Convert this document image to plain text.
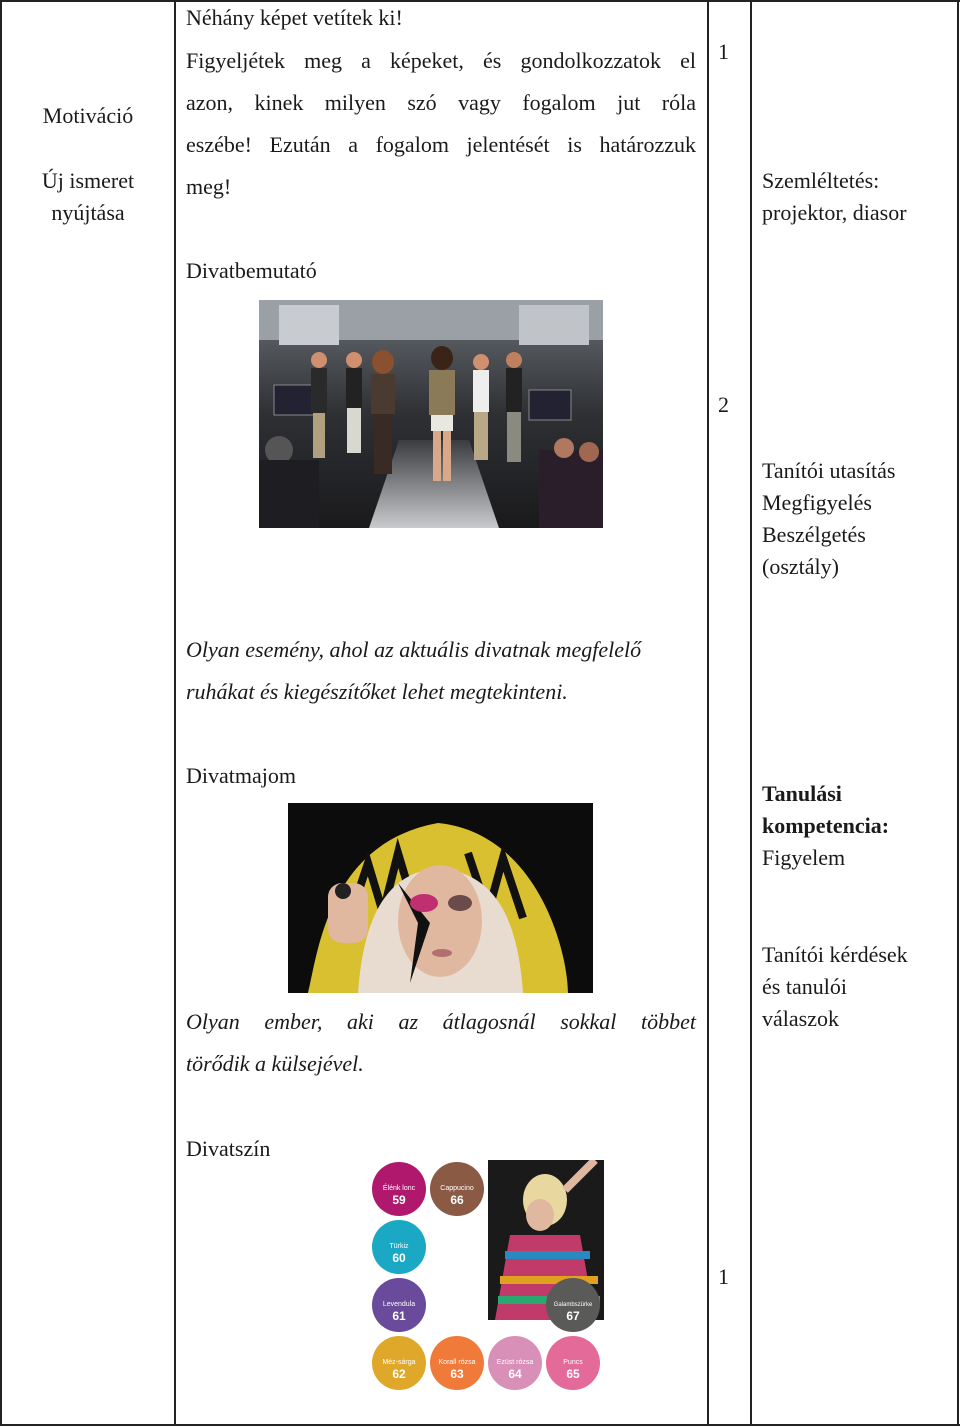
Motiváció
Új ismeret
nyújtása
Néhány képet vetítek ki!
Figyeljétek meg a képeket, és gondolkozzatok el
azon, kinek milyen szó vagy fogalom jut róla
eszébe! Ezután a fogalom jelentését is határozzuk
meg!
Divatbemutató
Olyan esemény, ahol az aktuális divatnak megfelelő
ruhákat és kiegészítőket lehet megtekinteni.
Divatmajom
Olyan ember, aki az átlagosnál sokkal többet
törődik a külsejével.
Divatszín
Élénk lonc
59
Cappucino
66
Türkiz
60
Levendula
61
Galambszürke
67
Méz-sárga
62
Korall rózsa
63
Ezüst rózsa
64
Puncs
65
1
2
1
Szemléltetés:
projektor, diasor
Tanítói utasítás
Megfigyelés
Beszélgetés
(osztály)
Tanulási
kompetencia:
Figyelem
Tanítói kérdések
és tanulói
válaszok
